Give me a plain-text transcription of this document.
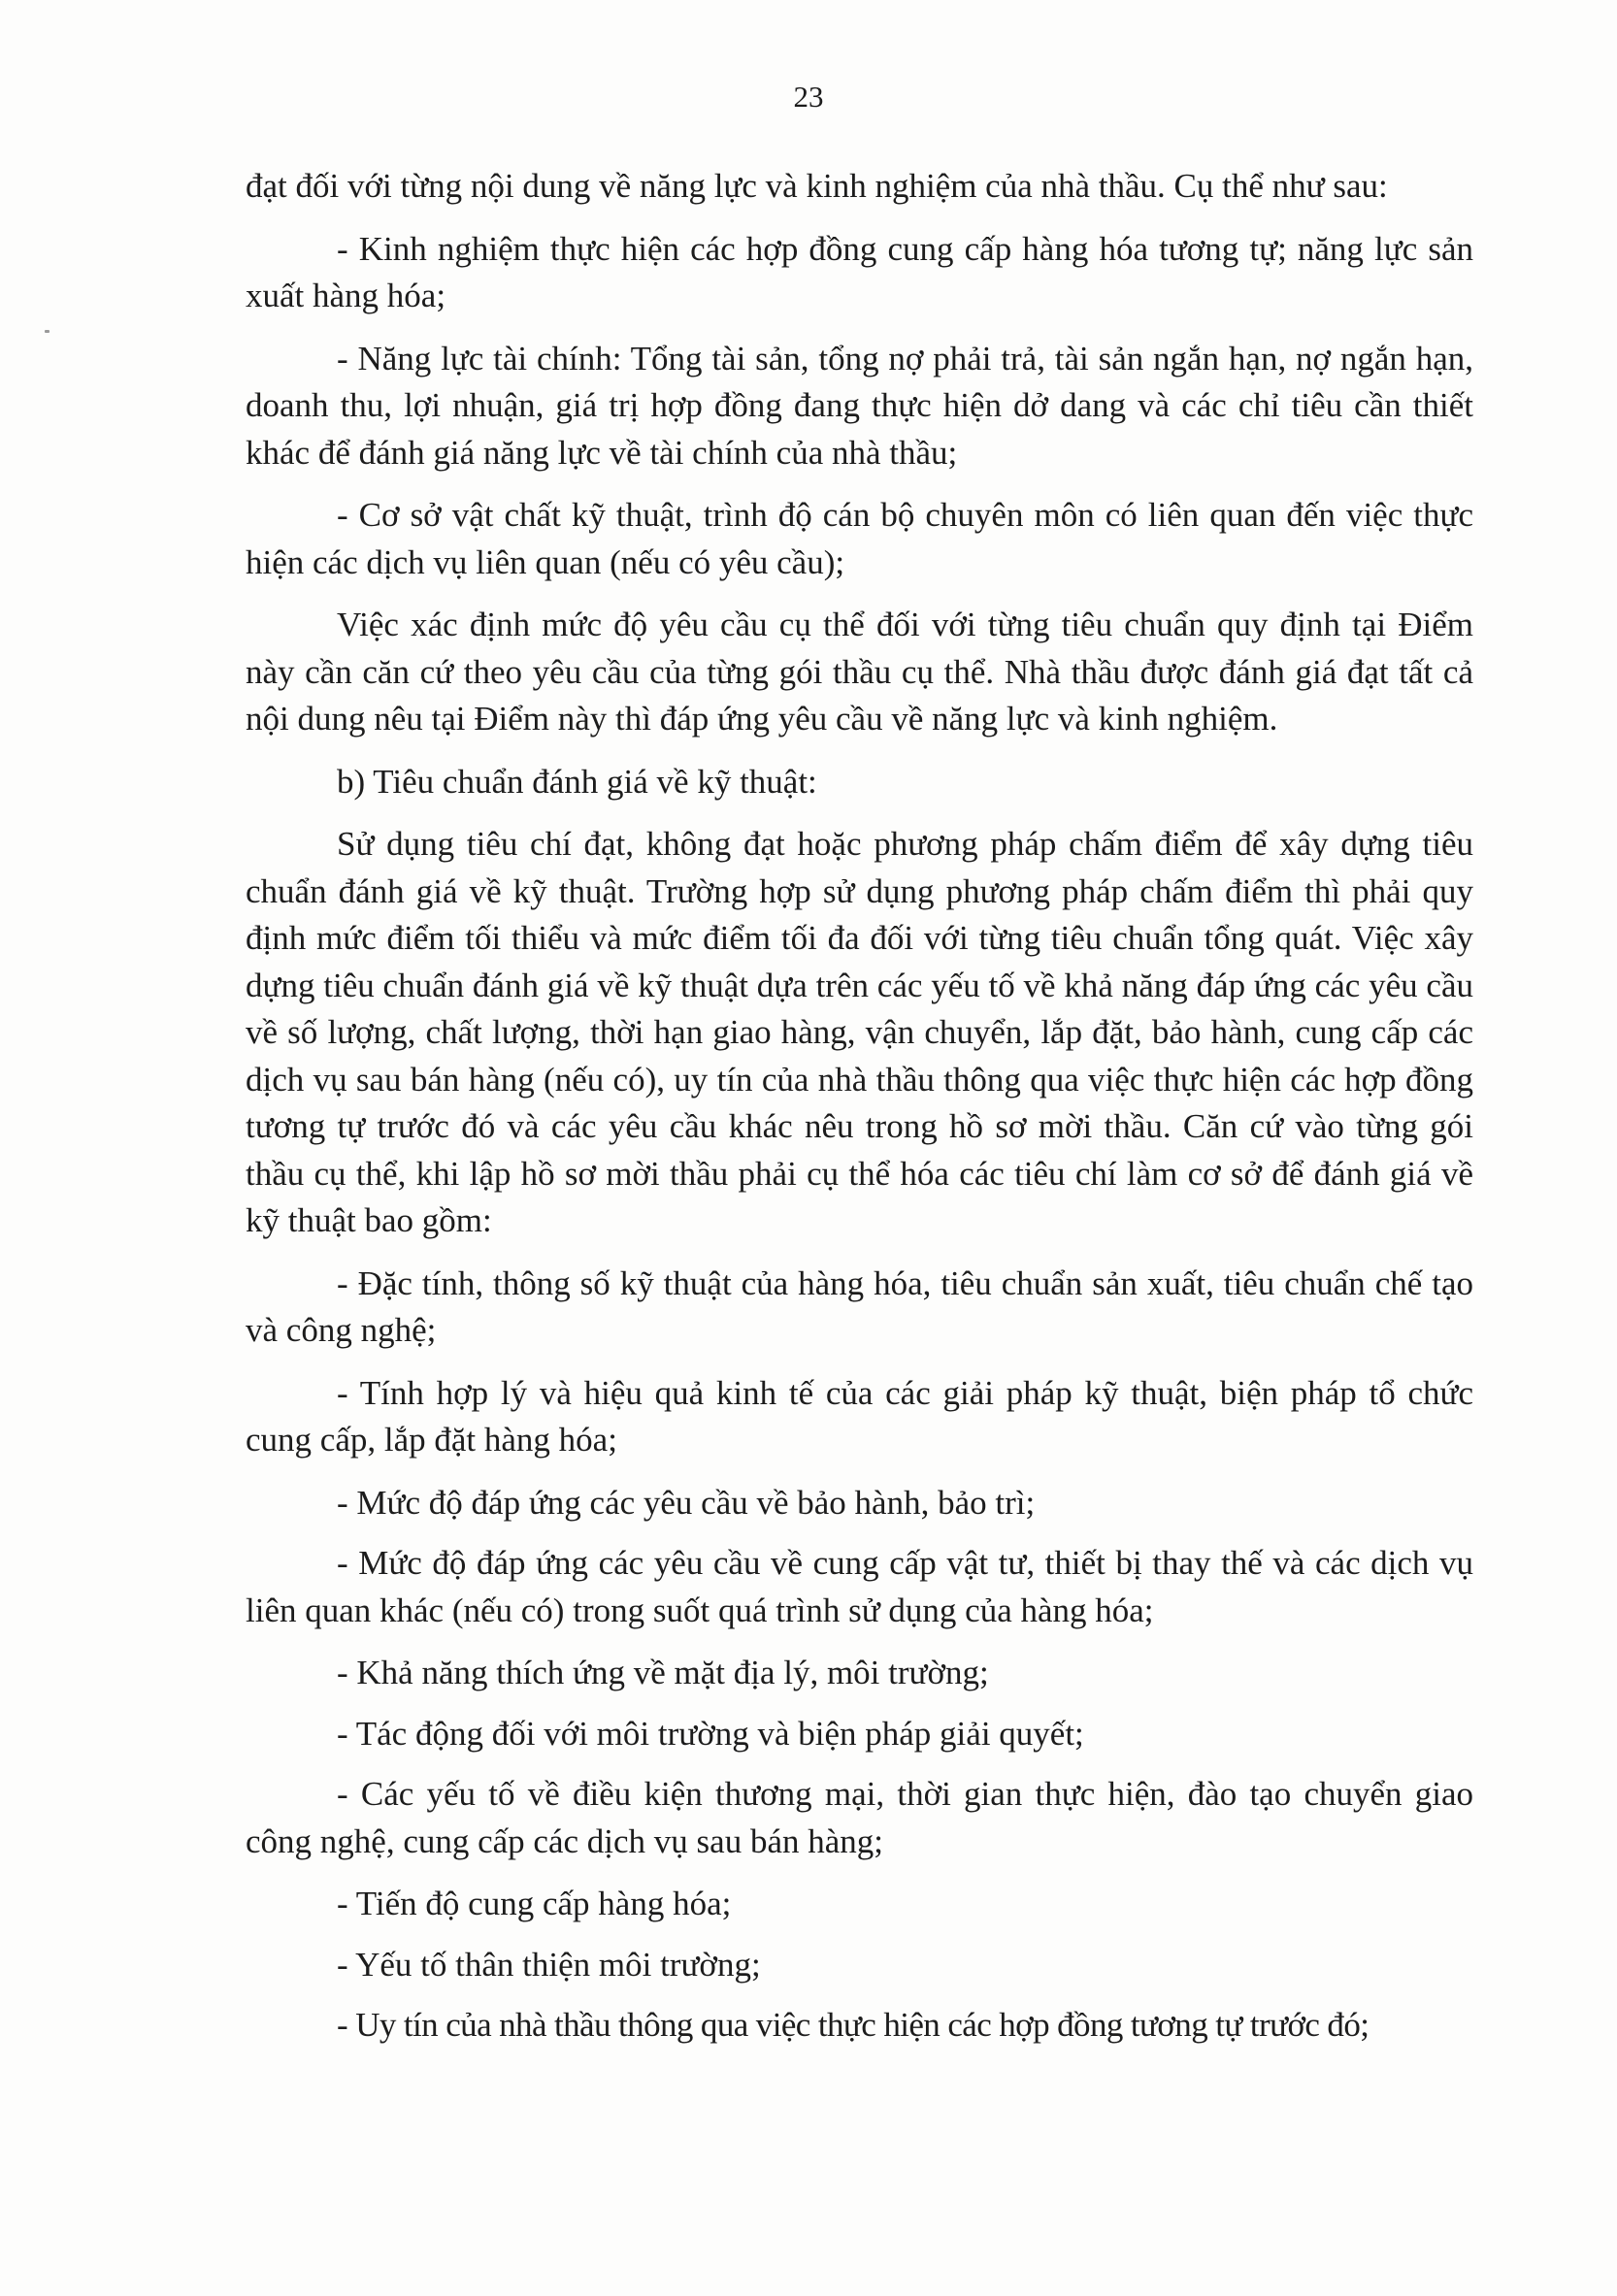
23

đạt đối với từng nội dung về năng lực và kinh nghiệm của nhà thầu. Cụ thể như sau:

- Kinh nghiệm thực hiện các hợp đồng cung cấp hàng hóa tương tự; năng lực sản xuất hàng hóa;

- Năng lực tài chính: Tổng tài sản, tổng nợ phải trả, tài sản ngắn hạn, nợ ngắn hạn, doanh thu, lợi nhuận, giá trị hợp đồng đang thực hiện dở dang và các chỉ tiêu cần thiết khác để đánh giá năng lực về tài chính của nhà thầu;

- Cơ sở vật chất kỹ thuật, trình độ cán bộ chuyên môn có liên quan đến việc thực hiện các dịch vụ liên quan (nếu có yêu cầu);

Việc xác định mức độ yêu cầu cụ thể đối với từng tiêu chuẩn quy định tại Điểm này cần căn cứ theo yêu cầu của từng gói thầu cụ thể. Nhà thầu được đánh giá đạt tất cả nội dung nêu tại Điểm này thì đáp ứng yêu cầu về năng lực và kinh nghiệm.

b) Tiêu chuẩn đánh giá về kỹ thuật:

Sử dụng tiêu chí đạt, không đạt hoặc phương pháp chấm điểm để xây dựng tiêu chuẩn đánh giá về kỹ thuật. Trường hợp sử dụng phương pháp chấm điểm thì phải quy định mức điểm tối thiểu và mức điểm tối đa đối với từng tiêu chuẩn tổng quát. Việc xây dựng tiêu chuẩn đánh giá về kỹ thuật dựa trên các yếu tố về khả năng đáp ứng các yêu cầu về số lượng, chất lượng, thời hạn giao hàng, vận chuyển, lắp đặt, bảo hành, cung cấp các dịch vụ sau bán hàng (nếu có), uy tín của nhà thầu thông qua việc thực hiện các hợp đồng tương tự trước đó và các yêu cầu khác nêu trong hồ sơ mời thầu. Căn cứ vào từng gói thầu cụ thể, khi lập hồ sơ mời thầu phải cụ thể hóa các tiêu chí làm cơ sở để đánh giá về kỹ thuật bao gồm:

- Đặc tính, thông số kỹ thuật của hàng hóa, tiêu chuẩn sản xuất, tiêu chuẩn chế tạo và công nghệ;

- Tính hợp lý và hiệu quả kinh tế của các giải pháp kỹ thuật, biện pháp tổ chức cung cấp, lắp đặt hàng hóa;

- Mức độ đáp ứng các yêu cầu về bảo hành, bảo trì;

- Mức độ đáp ứng các yêu cầu về cung cấp vật tư, thiết bị thay thế và các dịch vụ liên quan khác (nếu có) trong suốt quá trình sử dụng của hàng hóa;

- Khả năng thích ứng về mặt địa lý, môi trường;

- Tác động đối với môi trường và biện pháp giải quyết;

- Các yếu tố về điều kiện thương mại, thời gian thực hiện, đào tạo chuyển giao công nghệ, cung cấp các dịch vụ sau bán hàng;

- Tiến độ cung cấp hàng hóa;

- Yếu tố thân thiện môi trường;

- Uy tín của nhà thầu thông qua việc thực hiện các hợp đồng tương tự trước đó;
